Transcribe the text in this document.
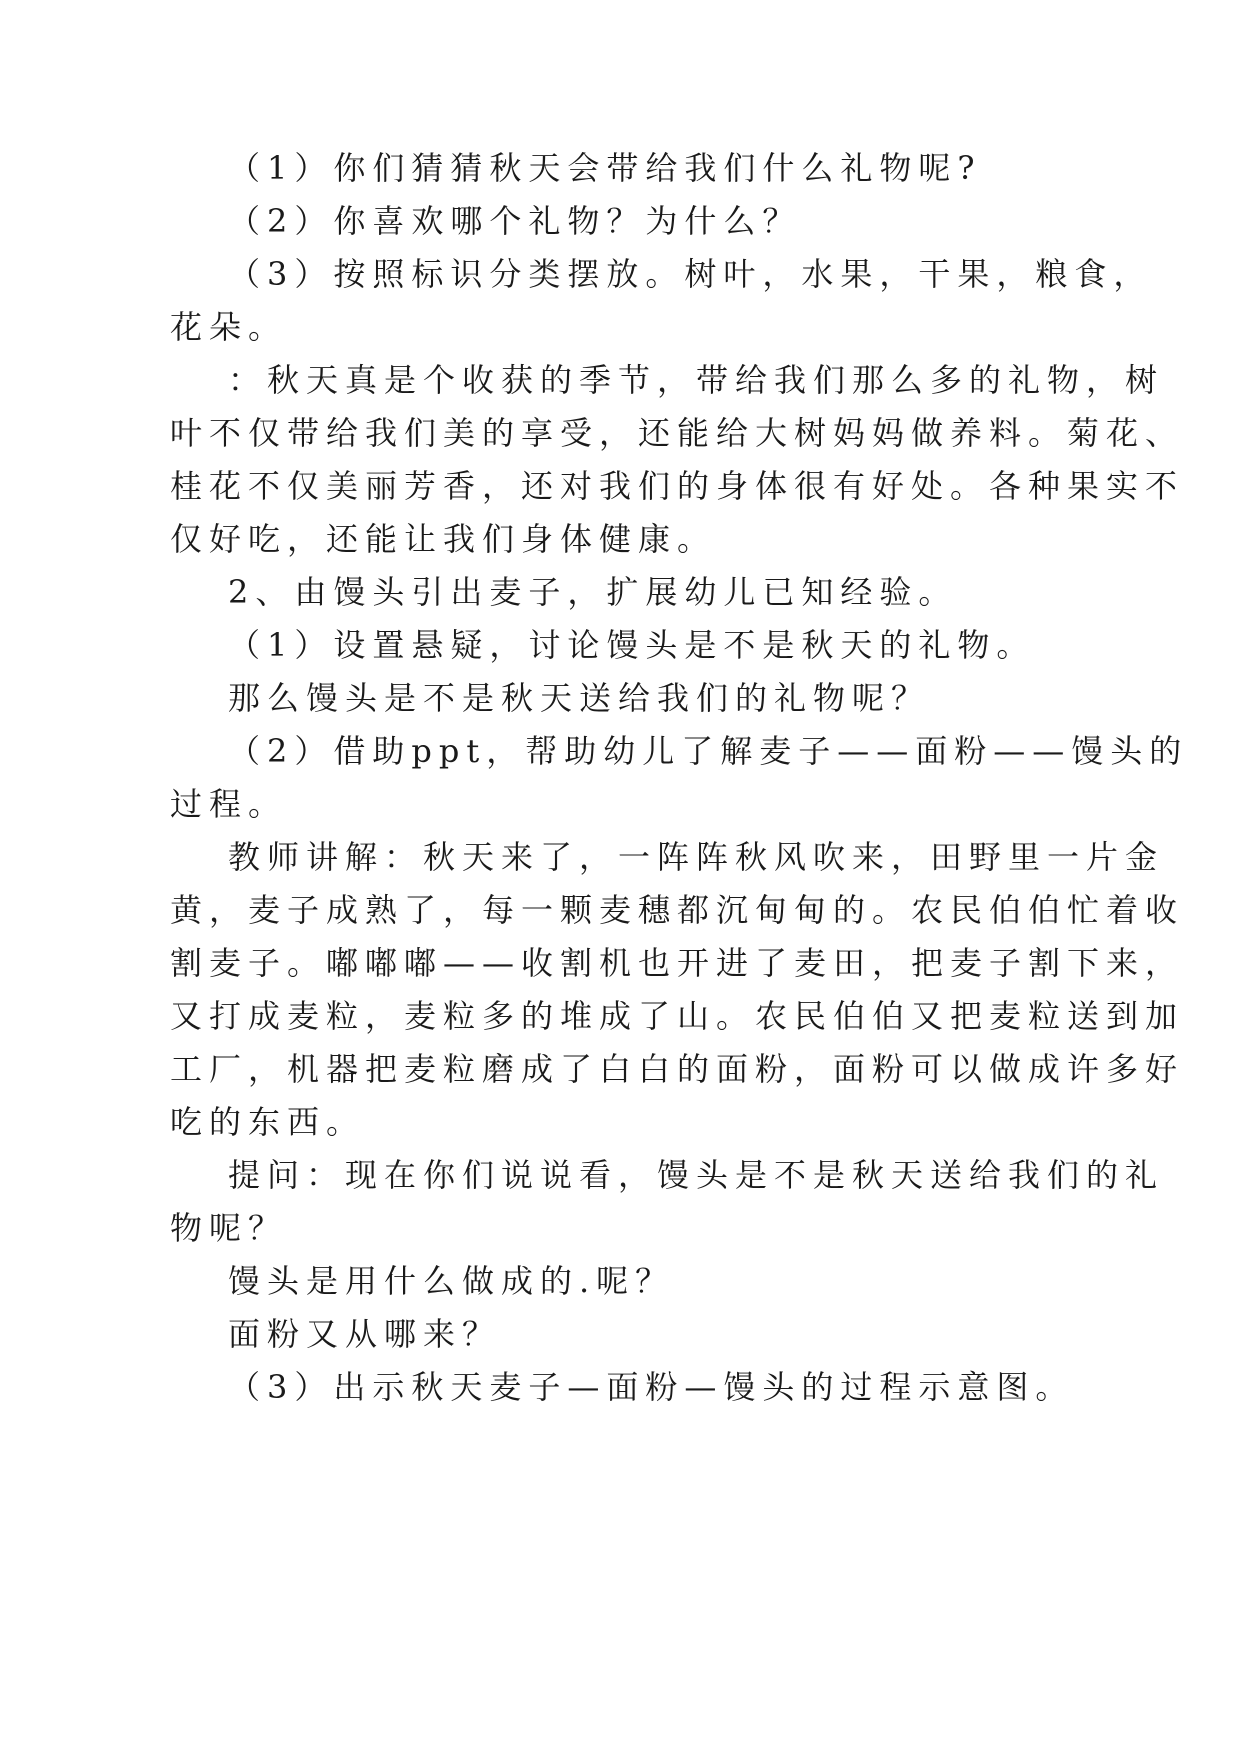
（1）你们猜猜秋天会带给我们什么礼物呢?
（2）你喜欢哪个礼物？为什么？
（3）按照标识分类摆放。树叶，水果，干果，粮食，
花朵。
：秋天真是个收获的季节，带给我们那么多的礼物，树
叶不仅带给我们美的享受，还能给大树妈妈做养料。菊花、
桂花不仅美丽芳香，还对我们的身体很有好处。各种果实不
仅好吃，还能让我们身体健康。
2、由馒头引出麦子，扩展幼儿已知经验。
（1）设置悬疑，讨论馒头是不是秋天的礼物。
那么馒头是不是秋天送给我们的礼物呢？
（2）借助ppt，帮助幼儿了解麦子——面粉——馒头的
过程。
教师讲解：秋天来了，一阵阵秋风吹来，田野里一片金
黄，麦子成熟了，每一颗麦穗都沉甸甸的。农民伯伯忙着收
割麦子。嘟嘟嘟——收割机也开进了麦田，把麦子割下来，
又打成麦粒，麦粒多的堆成了山。农民伯伯又把麦粒送到加
工厂，机器把麦粒磨成了白白的面粉，面粉可以做成许多好
吃的东西。
提问：现在你们说说看，馒头是不是秋天送给我们的礼
物呢？
馒头是用什么做成的.呢？
面粉又从哪来？
（3）出示秋天麦子—面粉—馒头的过程示意图。
